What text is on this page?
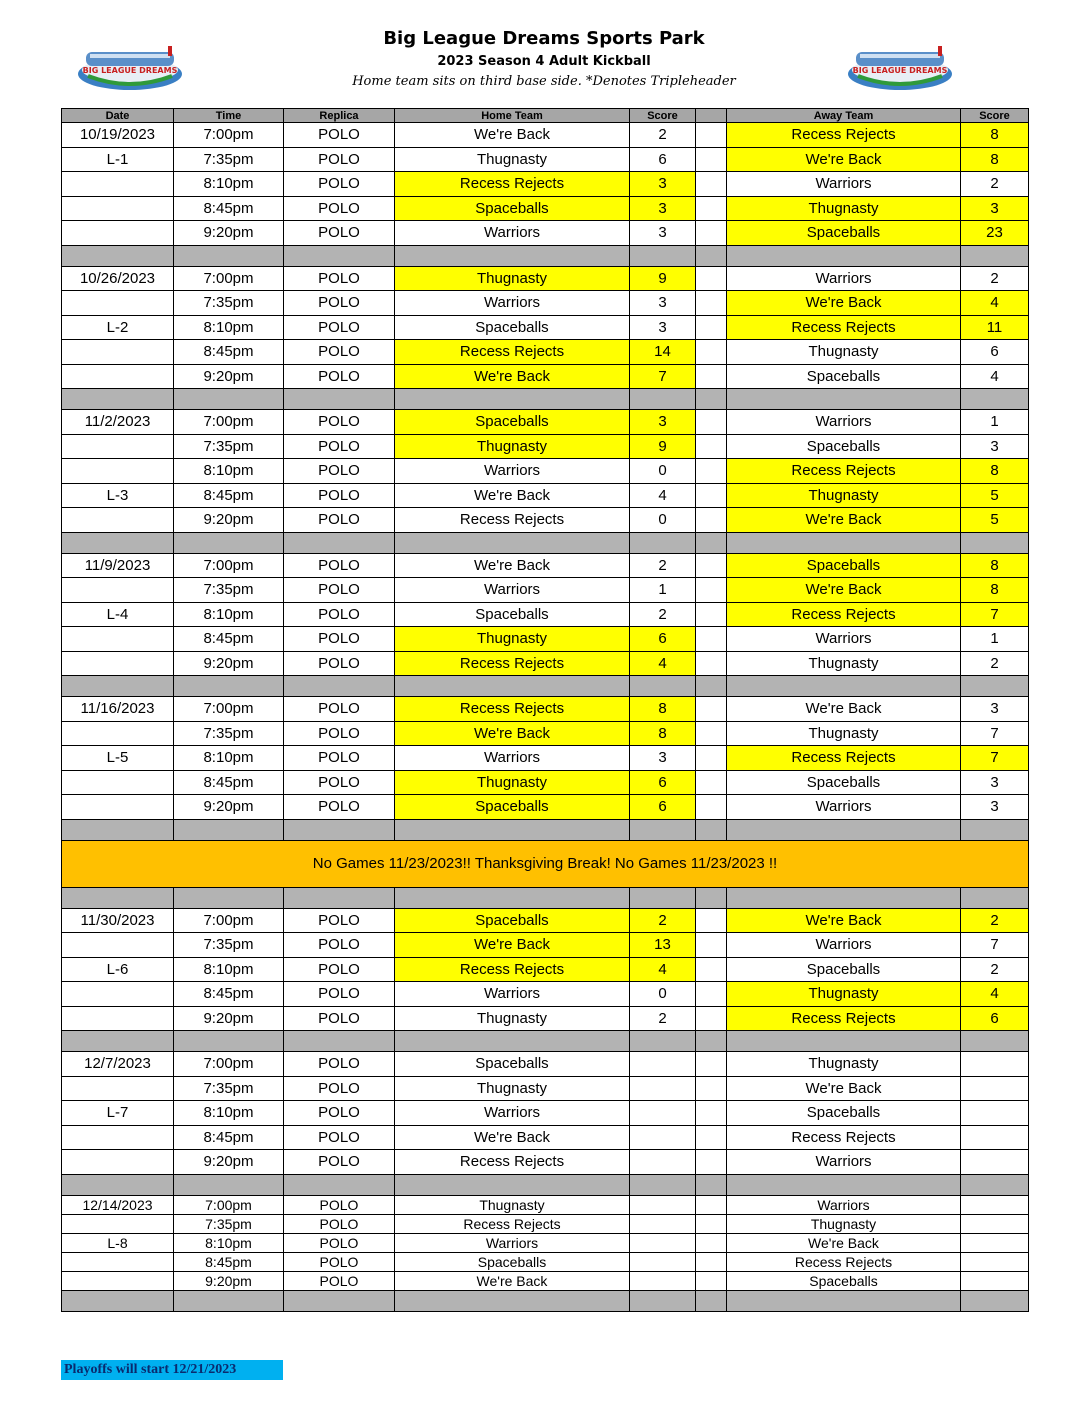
Big League Dreams Sports Park
2023 Season 4 Adult Kickball
Home team sits on third base side. *Denotes Tripleheader
BIG LEAGUE DREAMS	BIG LEAGUE DREAMS
Date	Time	Replica	Home Team	Score		Away Team	Score
10/19/2023	7:00pm	POLO	We're Back	2		Recess Rejects	8
L-1	7:35pm	POLO	Thugnasty	6		We're Back	8
	8:10pm	POLO	Recess Rejects	3		Warriors	2
	8:45pm	POLO	Spaceballs	3		Thugnasty	3
	9:20pm	POLO	Warriors	3		Spaceballs	23

10/26/2023	7:00pm	POLO	Thugnasty	9		Warriors	2
	7:35pm	POLO	Warriors	3		We're Back	4
L-2	8:10pm	POLO	Spaceballs	3		Recess Rejects	11
	8:45pm	POLO	Recess Rejects	14		Thugnasty	6
	9:20pm	POLO	We're Back	7		Spaceballs	4

11/2/2023	7:00pm	POLO	Spaceballs	3		Warriors	1
	7:35pm	POLO	Thugnasty	9		Spaceballs	3
	8:10pm	POLO	Warriors	0		Recess Rejects	8
L-3	8:45pm	POLO	We're Back	4		Thugnasty	5
	9:20pm	POLO	Recess Rejects	0		We're Back	5

11/9/2023	7:00pm	POLO	We're Back	2		Spaceballs	8
	7:35pm	POLO	Warriors	1		We're Back	8
L-4	8:10pm	POLO	Spaceballs	2		Recess Rejects	7
	8:45pm	POLO	Thugnasty	6		Warriors	1
	9:20pm	POLO	Recess Rejects	4		Thugnasty	2

11/16/2023	7:00pm	POLO	Recess Rejects	8		We're Back	3
	7:35pm	POLO	We're Back	8		Thugnasty	7
L-5	8:10pm	POLO	Warriors	3		Recess Rejects	7
	8:45pm	POLO	Thugnasty	6		Spaceballs	3
	9:20pm	POLO	Spaceballs	6		Warriors	3

No Games 11/23/2023!! Thanksgiving Break! No Games 11/23/2023 !!							

11/30/2023	7:00pm	POLO	Spaceballs	2		We're Back	2
	7:35pm	POLO	We're Back	13		Warriors	7
L-6	8:10pm	POLO	Recess Rejects	4		Spaceballs	2
	8:45pm	POLO	Warriors	0		Thugnasty	4
	9:20pm	POLO	Thugnasty	2		Recess Rejects	6

12/7/2023	7:00pm	POLO	Spaceballs			Thugnasty	
	7:35pm	POLO	Thugnasty			We're Back	
L-7	8:10pm	POLO	Warriors			Spaceballs	
	8:45pm	POLO	We're Back			Recess Rejects	
	9:20pm	POLO	Recess Rejects			Warriors	

12/14/2023	7:00pm	POLO	Thugnasty			Warriors	
	7:35pm	POLO	Recess Rejects			Thugnasty	
L-8	8:10pm	POLO	Warriors			We're Back	
	8:45pm	POLO	Spaceballs			Recess Rejects	
	9:20pm	POLO	We're Back			Spaceballs	

Playoffs will start 12/21/2023
